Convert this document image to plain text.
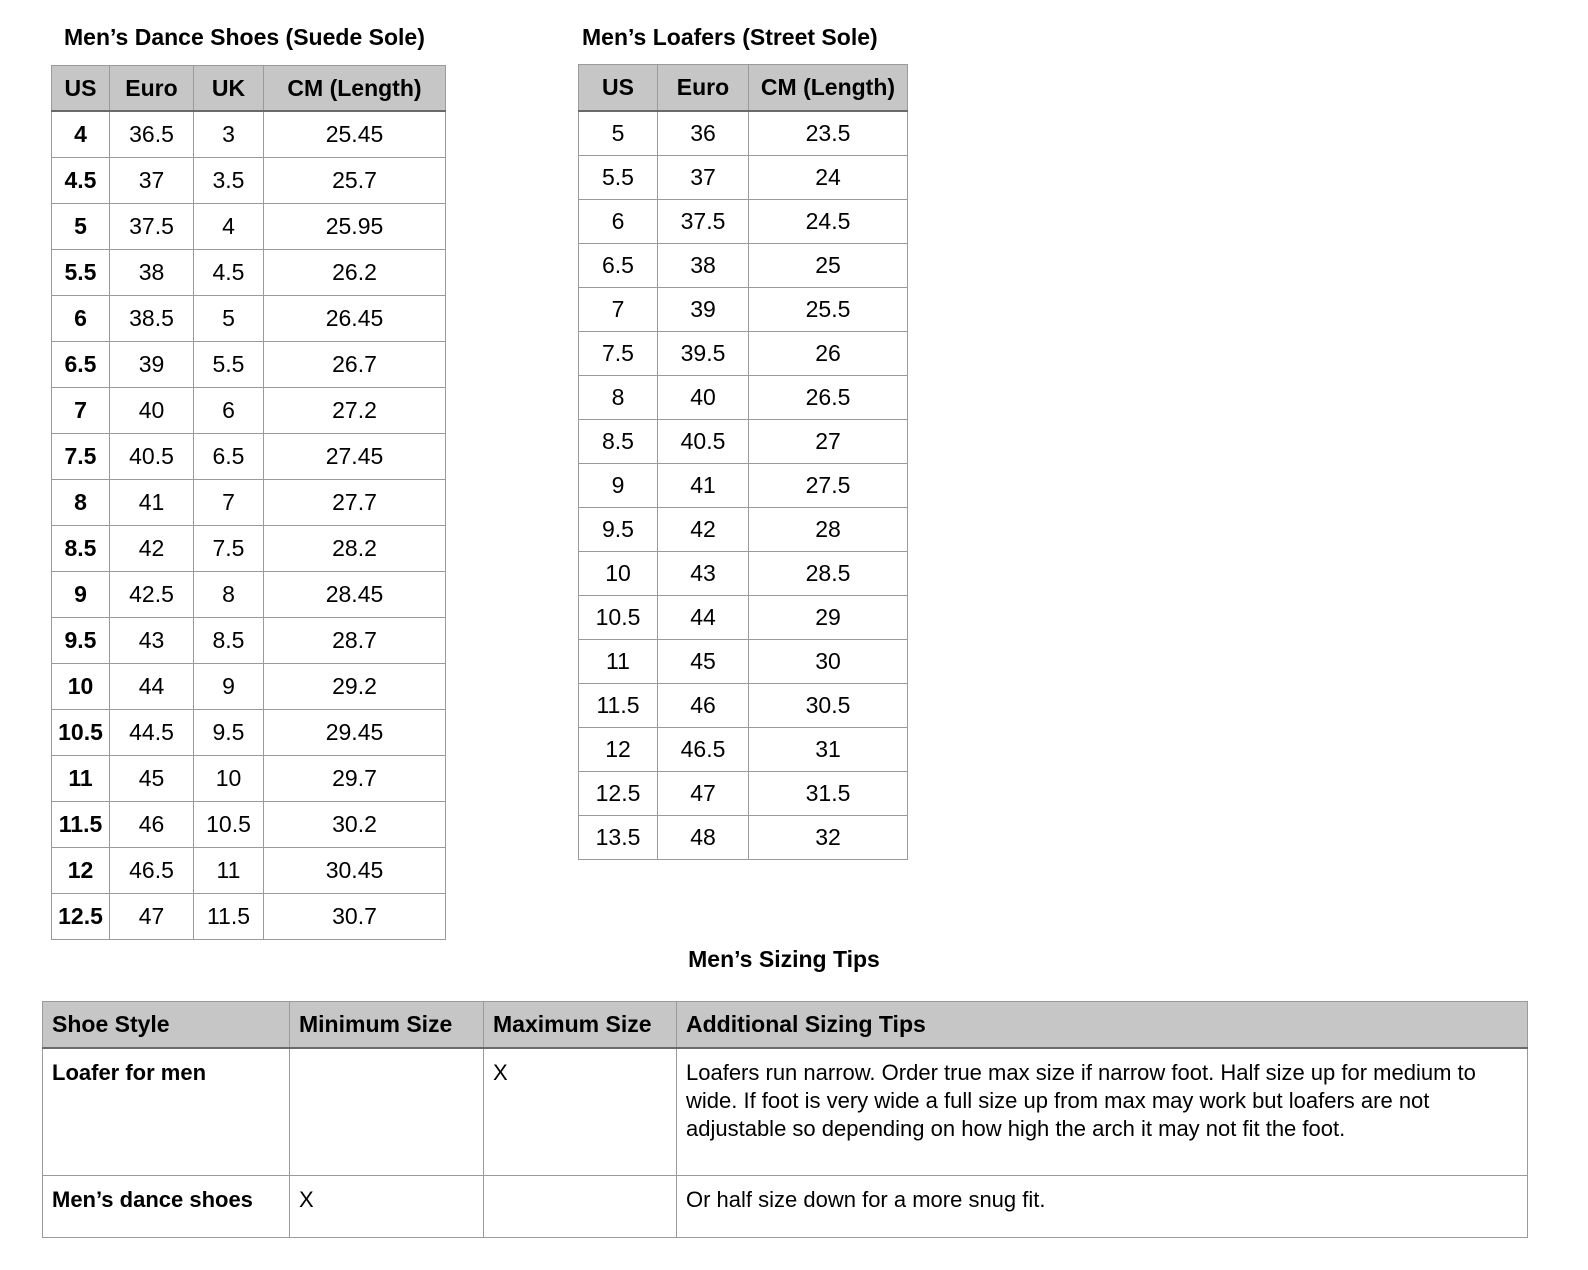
Men’s Dance Shoes (Suede Sole)
US	Euro	UK	CM (Length)
4	36.5	3	25.45
4.5	37	3.5	25.7
5	37.5	4	25.95
5.5	38	4.5	26.2
6	38.5	5	26.45
6.5	39	5.5	26.7
7	40	6	27.2
7.5	40.5	6.5	27.45
8	41	7	27.7
8.5	42	7.5	28.2
9	42.5	8	28.45
9.5	43	8.5	28.7
10	44	9	29.2
10.5	44.5	9.5	29.45
11	45	10	29.7
11.5	46	10.5	30.2
12	46.5	11	30.45
12.5	47	11.5	30.7
Men’s Loafers (Street Sole)
US	Euro	CM (Length)
5	36	23.5
5.5	37	24
6	37.5	24.5
6.5	38	25
7	39	25.5
7.5	39.5	26
8	40	26.5
8.5	40.5	27
9	41	27.5
9.5	42	28
10	43	28.5
10.5	44	29
11	45	30
11.5	46	30.5
12	46.5	31
12.5	47	31.5
13.5	48	32
Men’s Sizing Tips
Shoe Style	Minimum Size	Maximum Size	Additional Sizing Tips
Loafer for men		X	Loafers run narrow. Order true max size if narrow foot. Half size up for medium to wide. If foot is very wide a full size up from max may work but loafers are not adjustable so depending on how high the arch it may not fit the foot.
Men’s dance shoes	X		Or half size down for a more snug fit.
